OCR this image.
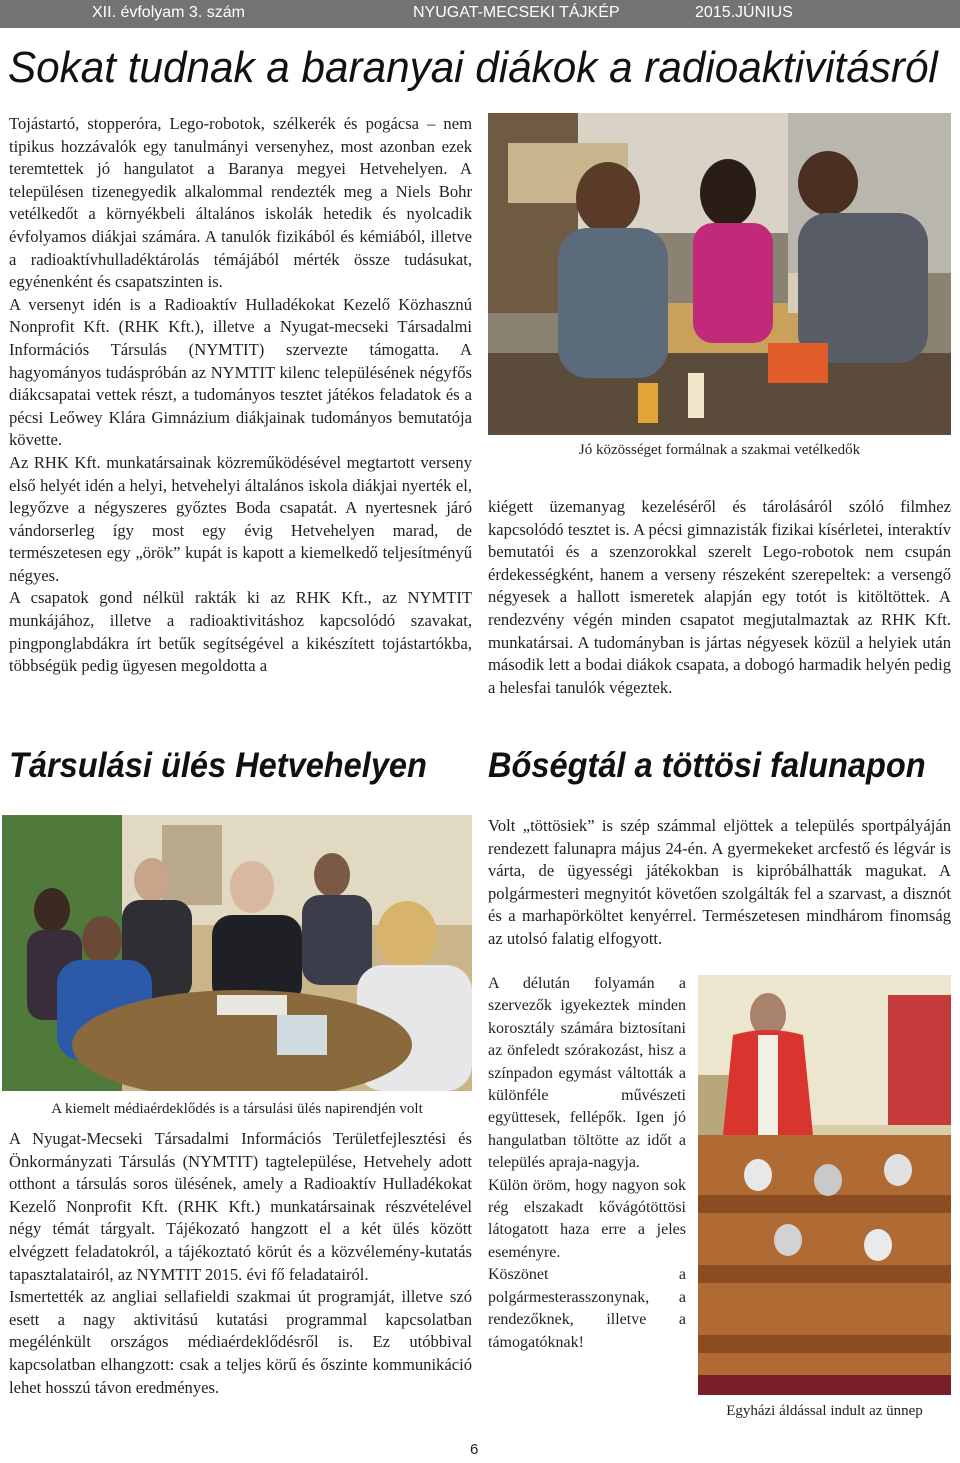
XII. évfolyam 3. szám	NYUGAT-MECSEKI TÁJKÉP	2015.JÚNIUS
Sokat tudnak a baranyai diákok a radioaktivitásról

Tojástartó, stopperóra, Lego-robotok, szélkerék és pogácsa – nem tipikus hozzávalók egy tanulmányi versenyhez, most azonban ezek teremtettek jó hangulatot a Baranya megyei Hetvehelyen. A településen tizenegyedik alkalommal rendezték meg a Niels Bohr vetélkedőt a környékbeli általános iskolák hetedik és nyolcadik évfolyamos diákjai számára. A tanulók fizikából és kémiából, illetve a radioaktívhulladéktárolás témájából mérték össze tudásukat, egyénenként és csapatszinten is.

A versenyt idén is a Radioaktív Hulladékokat Kezelő Közhasznú Nonprofit Kft. (RHK Kft.), illetve a Nyugat-mecseki Társadalmi Információs Társulás (NYMTIT) szervezte támogatta. A hagyományos tudáspróbán az NYMTIT kilenc településének négyfős diákcsapatai vettek részt, a tudományos tesztet játékos feladatok és a pécsi Leőwey Klára Gimnázium diákjainak tudományos bemutatója követte.

Az RHK Kft. munkatársainak közreműködésével megtartott verseny első helyét idén a helyi, hetvehelyi általános iskola diákjai nyerték el, legyőzve a négyszeres győztes Boda csapatát. A nyertesnek járó vándorserleg így most egy évig Hetvehelyen marad, de természetesen egy „örök” kupát is kapott a kiemelkedő teljesítményű négyes.

A csapatok gond nélkül rakták ki az RHK Kft., az NYMTIT munkájához, illetve a radioaktivitáshoz kapcsolódó szavakat, pingponglabdákra írt betűk segítségével a kikészített tojástartókba, többségük pedig ügyesen megoldotta a

Jó közösséget formálnak a szakmai vetélkedők

kiégett üzemanyag kezeléséről és tárolásáról szóló filmhez kapcsolódó tesztet is. A pécsi gimnazisták fizikai kísérletei, interaktív bemutatói és a szenzorokkal szerelt Lego-robotok nem csupán érdekességként, hanem a verseny részeként szerepeltek: a versengő négyesek a hallott ismeretek alapján egy totót is kitöltöttek. A rendezvény végén minden csapatot megjutalmaztak az RHK Kft. munkatársai. A tudományban is jártas négyesek közül a helyiek után második lett a bodai diákok csapata, a dobogó harmadik helyén pedig a helesfai tanulók végeztek.

Társulási ülés Hetvehelyen
A kiemelt médiaérdeklődés is a társulási ülés napirendjén volt

A Nyugat-Mecseki Társadalmi Információs Területfejlesztési és Önkormányzati Társulás (NYMTIT) tagtelepülése, Hetvehely adott otthont a társulás soros ülésének, amely a Radioaktív Hulladékokat Kezelő Nonprofit Kft. (RHK Kft.) munkatársainak részvételével négy témát tárgyalt. Tájékozató hangzott el a két ülés között elvégzett feladatokról, a tájékoztató körút és a közvélemény-kutatás tapasztalatairól, az NYMTIT 2015. évi fő feladatairól.

Ismertették az angliai sellafieldi szakmai út programját, illetve szó esett a nagy aktivitású kutatási programmal kapcsolatban megélénkült országos médiaérdeklődésről is. Ez utóbbival kapcsolatban elhangzott: csak a teljes körű és őszinte kommunikáció lehet hosszú távon eredményes.

Bőségtál a töttösi falunapon

Volt „töttösiek” is szép számmal eljöttek a település sportpályáján rendezett falunapra május 24-én. A gyermekeket arcfestő és légvár is várta, de ügyességi játékokban is kipróbálhatták magukat. A polgármesteri megnyitót követően szolgálták fel a szarvast, a disznót és a marhapörköltet kenyérrel. Természetesen mindhárom finomság az utolsó falatig elfogyott.

A délután folyamán a szervezők igyekeztek minden korosztály számára biztosítani az önfeledt szórakozást, hisz a színpadon egymást váltották a különféle művészeti együttesek, fellépők. Igen jó hangulatban töltötte az időt a település apraja-nagyja.

Külön öröm, hogy nagyon sok rég elszakadt kővágótöttösi látogatott haza erre a jeles eseményre.

Köszönet a polgármesterasszonynak, a rendezőknek, illetve a támogatóknak!

Egyházi áldással indult az ünnep
6
